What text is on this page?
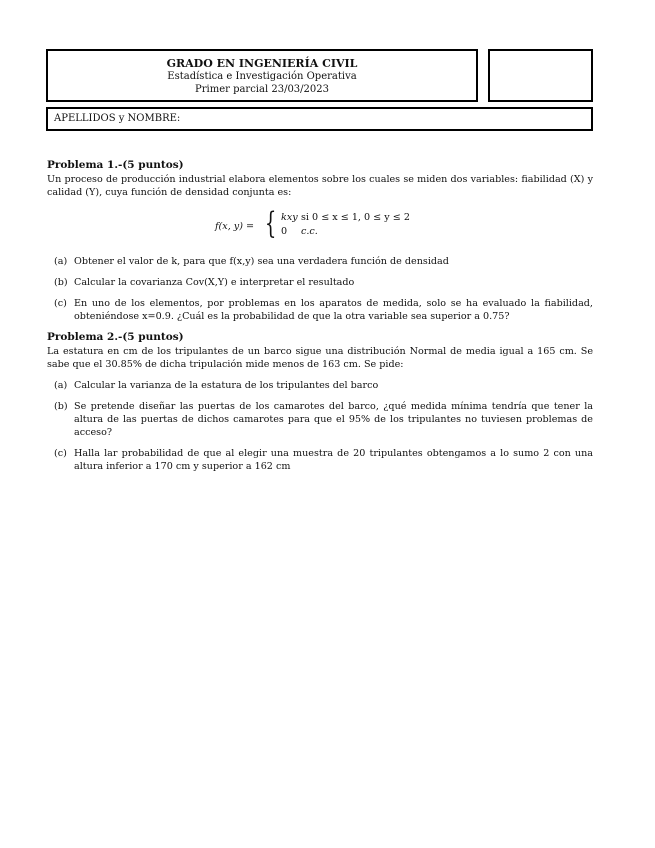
GRADO EN INGENIERÍA CIVIL
Estadística e Investigación Operativa
Primer parcial 23/03/2023
APELLIDOS y NOMBRE:
Problema 1.-(5 puntos)
Un proceso de producción industrial elabora elementos sobre los cuales se miden dos variables: fiabilidad (X) y calidad (Y), cuya función de densidad conjunta es:
f(x, y) = { kxy si 0 ≤ x ≤ 1, 0 ≤ y ≤ 2
0 c.c.
(a) Obtener el valor de k, para que f(x,y) sea una verdadera función de densidad
(b) Calcular la covarianza Cov(X,Y) e interpretar el resultado
(c) En uno de los elementos, por problemas en los aparatos de medida, solo se ha evaluado la fiabilidad, obteniéndose x=0.9. ¿Cuál es la probabilidad de que la otra variable sea superior a 0.75?
Problema 2.-(5 puntos)
La estatura en cm de los tripulantes de un barco sigue una distribución Normal de media igual a 165 cm. Se sabe que el 30.85% de dicha tripulación mide menos de 163 cm. Se pide:
(a) Calcular la varianza de la estatura de los tripulantes del barco
(b) Se pretende diseñar las puertas de los camarotes del barco, ¿qué medida mínima tendría que tener la altura de las puertas de dichos camarotes para que el 95% de los tripulantes no tuviesen problemas de acceso?
(c) Halla lar probabilidad de que al elegir una muestra de 20 tripulantes obtengamos a lo sumo 2 con una altura inferior a 170 cm y superior a 162 cm
